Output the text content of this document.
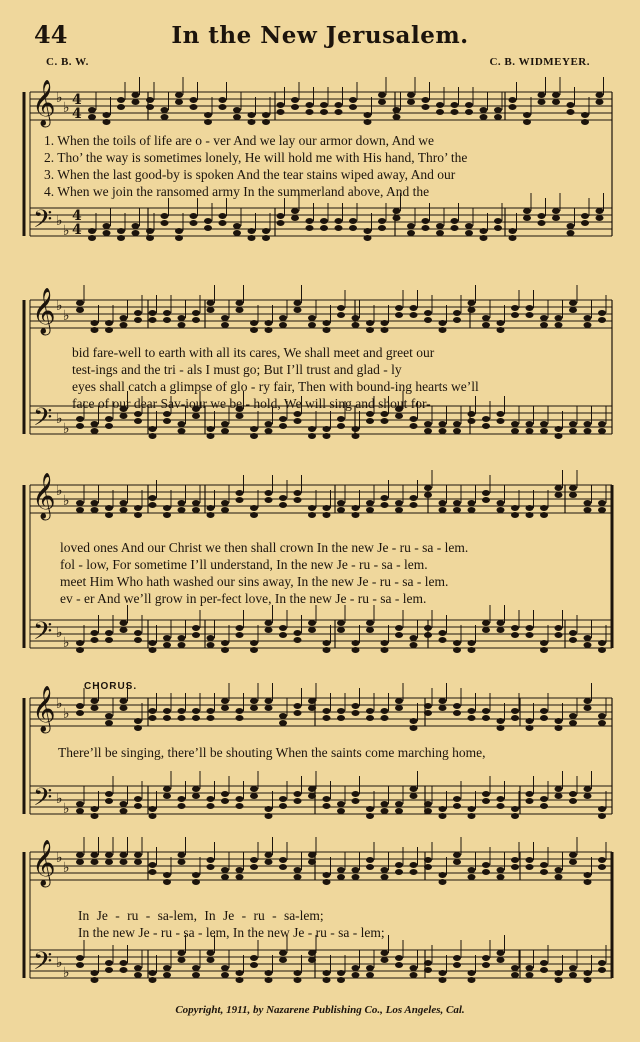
𝄞
𝄢
♭
♭
♭
♭
4
4
4
4
𝄞
𝄢
♭
♭
♭
♭
𝄞
𝄢
♭
♭
♭
♭
𝄞
𝄢
♭
♭
♭
♭
𝄞
𝄢
♭
♭
♭
♭
44	In the New Jerusalem.
C. B. W.	C. B. WIDMEYER.
1. When the toils of life are o - ver And we lay our armor down, And we
2. Tho’ the way is sometimes lonely, He will hold me with His hand, Thro’ the
3. When the last good-by is spoken And the tear stains wiped away, And our
4. When we join the ransomed army In the summerland above, And the
bid fare-well to earth with all its cares, We shall meet and greet our
test-ings and the tri - als I must go; But I’ll trust and glad - ly
eyes shall catch a glimpse of glo - ry fair, Then with bound-ing hearts we’ll
face of our dear Sav-iour we be - hold, We will sing and shout for-
loved ones And our Christ we then shall crown In the new Je - ru - sa - lem.
fol - low, For sometime I’ll understand, In the new Je - ru - sa - lem.
meet Him Who hath washed our sins away, In the new Je - ru - sa - lem.
ev - er And we’ll grow in per-fect love, In the new Je - ru - sa - lem.
CHORUS.
There’ll be singing, there’ll be shouting When the saints come marching home,
In Je - ru - sa-lem, In Je - ru - sa-lem;
In the new Je - ru - sa - lem, In the new Je - ru - sa - lem;
Copyright, 1911, by Nazarene Publishing Co., Los Angeles, Cal.
